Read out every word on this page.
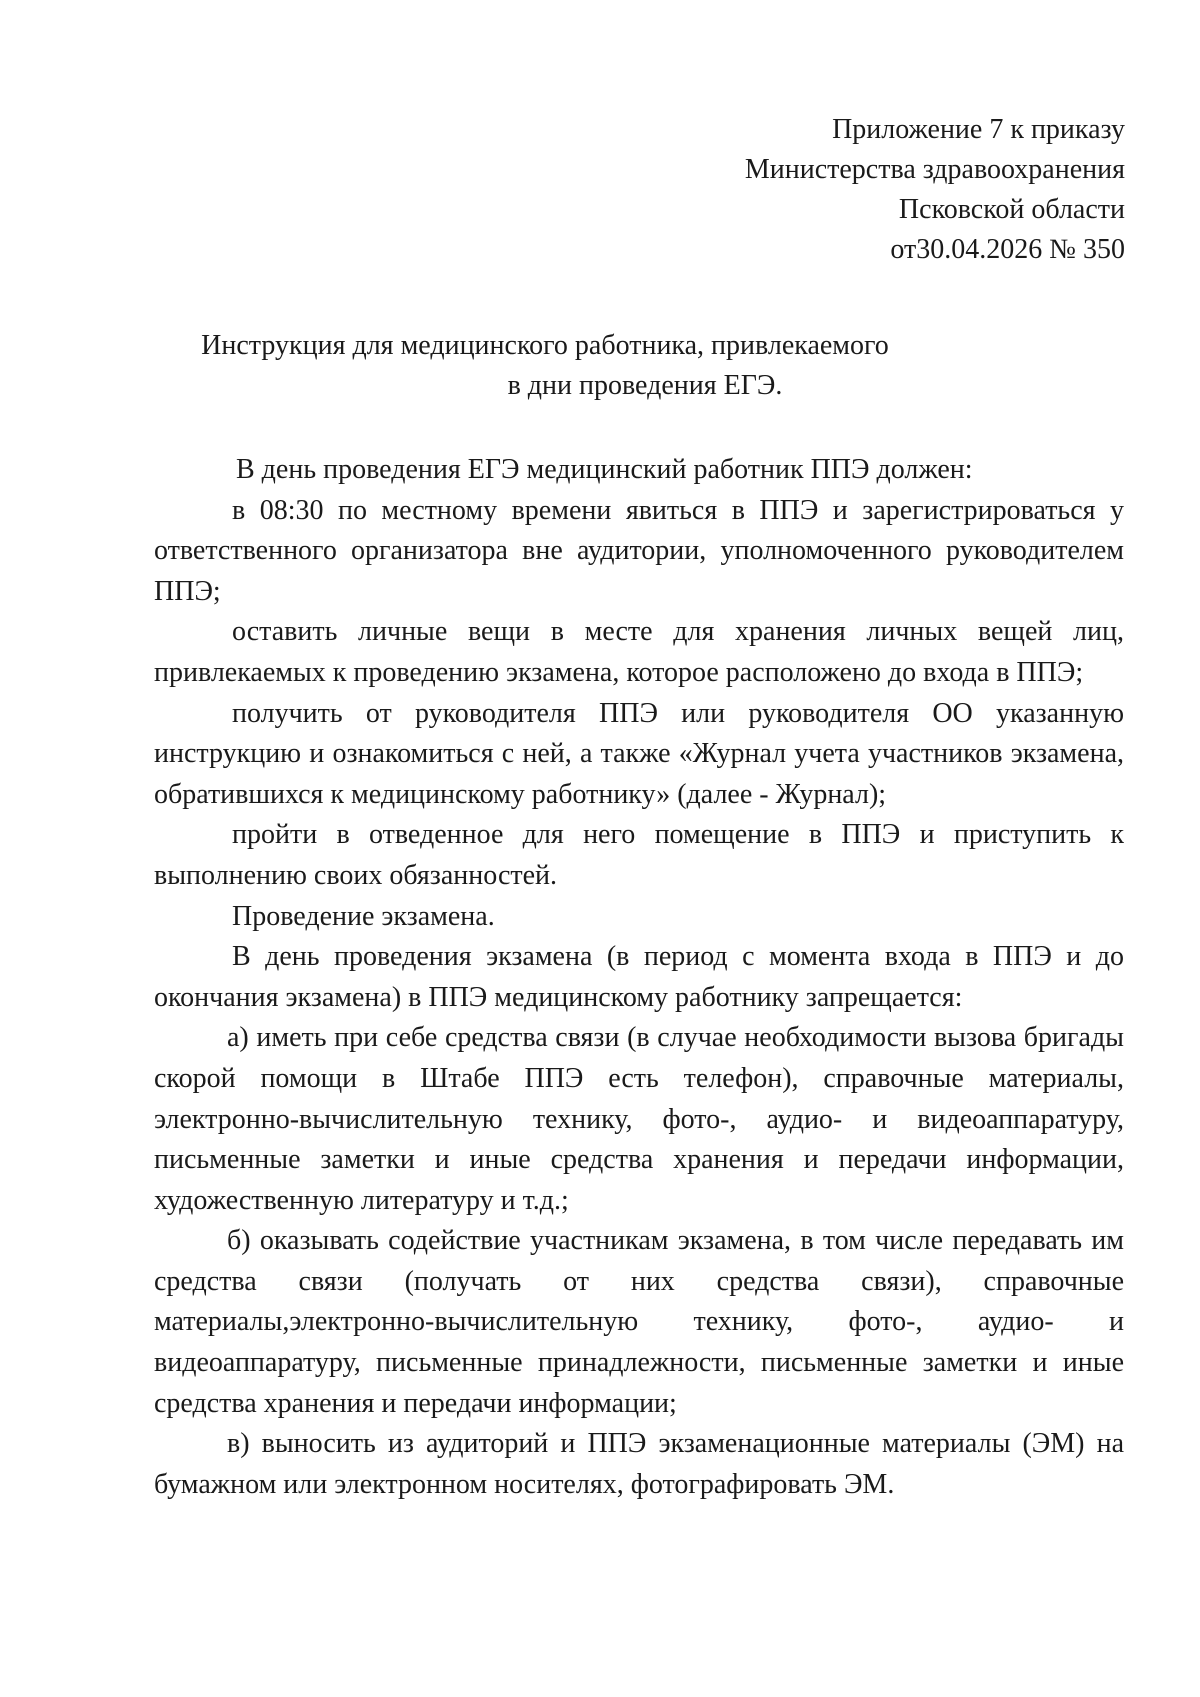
Приложение 7 к приказу
Министерства здравоохранения
Псковской области
от30.04.2026 № 350
Инструкция для медицинского работника, привлекаемого
в дни проведения ЕГЭ.

В день проведения ЕГЭ медицинский работник ППЭ должен:

в 08:30 по местному времени явиться в ППЭ и зарегистрироваться у ответственного организатора вне аудитории, уполномоченного руководителем ППЭ;

оставить личные вещи в месте для хранения личных вещей лиц, привлекаемых к проведению экзамена, которое расположено до входа в ППЭ;

получить от руководителя ППЭ или руководителя ОО указанную инструкцию и ознакомиться с ней, а также «Журнал учета участников экзамена, обратившихся к медицинскому работнику» (далее - Журнал);

пройти в отведенное для него помещение в ППЭ и приступить к выполнению своих обязанностей.

Проведение экзамена.

В день проведения экзамена (в период с момента входа в ППЭ и до окончания экзамена) в ППЭ медицинскому работнику запрещается:

а) иметь при себе средства связи (в случае необходимости вызова бригады скорой помощи в Штабе ППЭ есть телефон), справочные материалы, электронно-вычислительную технику, фото-, аудио- и видеоаппаратуру, письменные заметки и иные средства хранения и передачи информации, художественную литературу и т.д.;

б) оказывать содействие участникам экзамена, в том числе передавать им средства связи (получать от них средства связи), справочные материалы,электронно-вычислительную технику, фото-, аудио- и видеоаппаратуру, письменные принадлежности, письменные заметки и иные средства хранения и передачи информации;

в) выносить из аудиторий и ППЭ экзаменационные материалы (ЭМ) на бумажном или электронном носителях, фотографировать ЭМ.
